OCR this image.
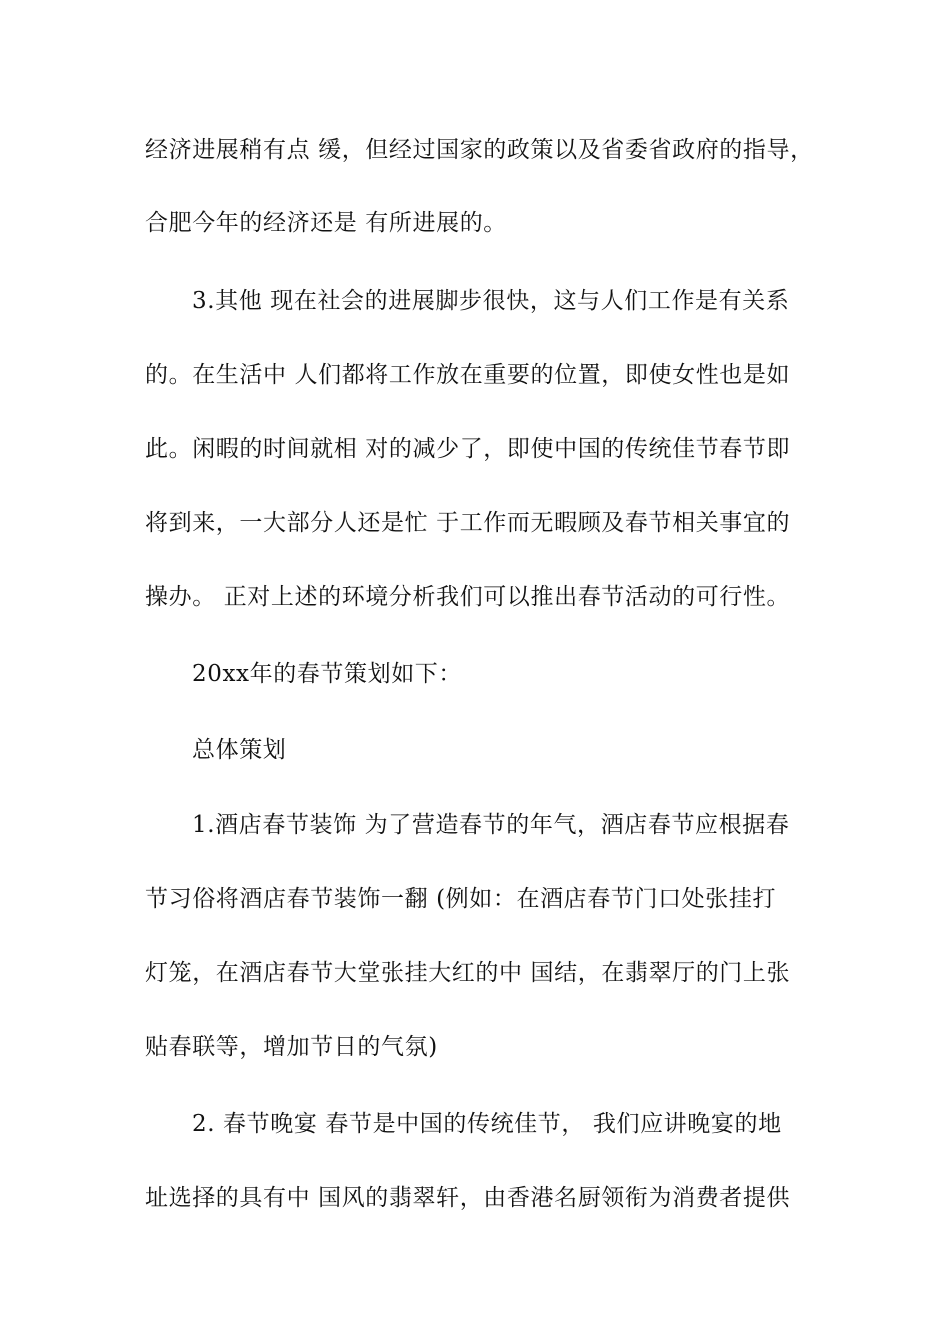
经济进展稍有点 缓，但经过国家的政策以及省委省政府的指导，
合肥今年的经济还是 有所进展的。
3.其他 现在社会的进展脚步很快，这与人们工作是有关系
的。在生活中 人们都将工作放在重要的位置，即使女性也是如
此。闲暇的时间就相 对的减少了，即使中国的传统佳节春节即
将到来，一大部分人还是忙 于工作而无暇顾及春节相关事宜的
操办。 正对上述的环境分析我们可以推出春节活动的可行性。
20xx年的春节策划如下：
总体策划
1.酒店春节装饰 为了营造春节的年气，酒店春节应根据春
节习俗将酒店春节装饰一翻 (例如：在酒店春节门口处张挂打
灯笼，在酒店春节大堂张挂大红的中 国结，在翡翠厅的门上张
贴春联等，增加节日的气氛)
2. 春节晚宴 春节是中国的传统佳节， 我们应讲晚宴的地
址选择的具有中 国风的翡翠轩，由香港名厨领衔为消费者提供
